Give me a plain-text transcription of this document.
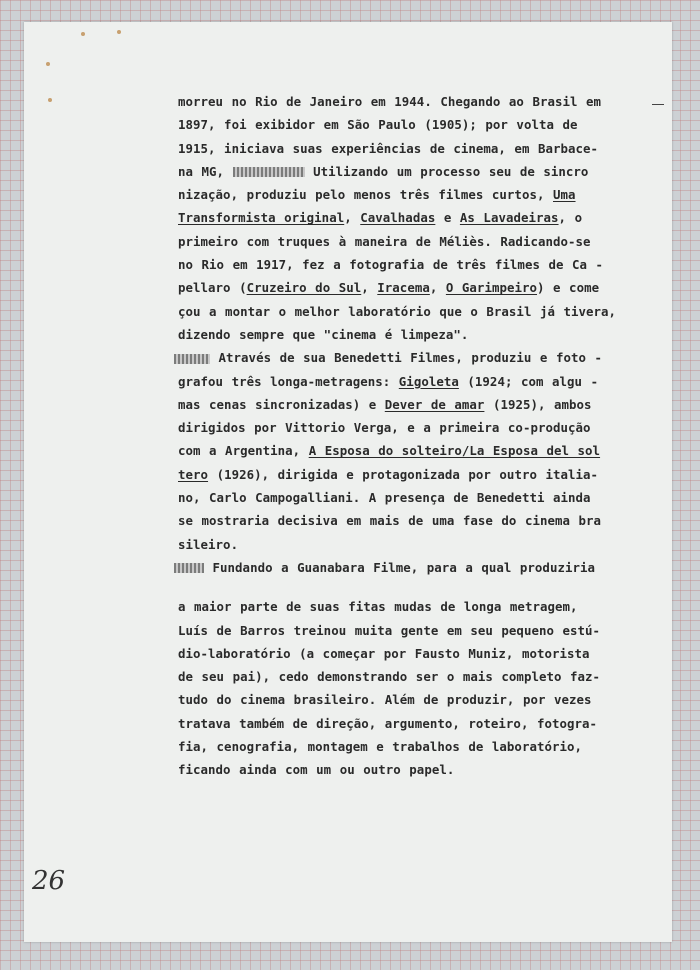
morreu no Rio de Janeiro em 1944. Chegando ao Brasil em
1897, foi exibidor em São Paulo (1905); por volta de
1915, iniciava suas experiências de cinema, em Barbace-
na MG,	Utilizando um processo seu de sincro
nização, produziu pelo menos três filmes curtos, Uma
Transformista original, Cavalhadas e As Lavadeiras, o
primeiro com truques à maneira de Méliès. Radicando-se
no Rio em 1917, fez a fotografia de três filmes de Ca -
pellaro (Cruzeiro do Sul, Iracema, O Garimpeiro) e come
çou a montar o melhor laboratório que o Brasil já tivera,
dizendo sempre que "cinema é limpeza".
Através de sua Benedetti Filmes, produziu e foto -
grafou três longa-metragens: Gigoleta (1924; com algu -
mas cenas sincronizadas) e Dever de amar (1925), ambos
dirigidos por Vittorio Verga, e a primeira co-produção
com a Argentina, A Esposa do solteiro/La Esposa del sol
tero (1926), dirigida e protagonizada por outro italia-
no, Carlo Campogalliani. A presença de Benedetti ainda
se mostraria decisiva em mais de uma fase do cinema bra
sileiro.
Fundando a Guanabara Filme, para a qual produziria
a maior parte de suas fitas mudas de longa metragem,
Luís de Barros treinou muita gente em seu pequeno estú-
dio-laboratório (a começar por Fausto Muniz, motorista
de seu pai), cedo demonstrando ser o mais completo faz-
tudo do cinema brasileiro. Além de produzir, por vezes
tratava também de direção, argumento, roteiro, fotogra-
fia, cenografia, montagem e trabalhos de laboratório,
ficando ainda com um ou outro papel.
26
